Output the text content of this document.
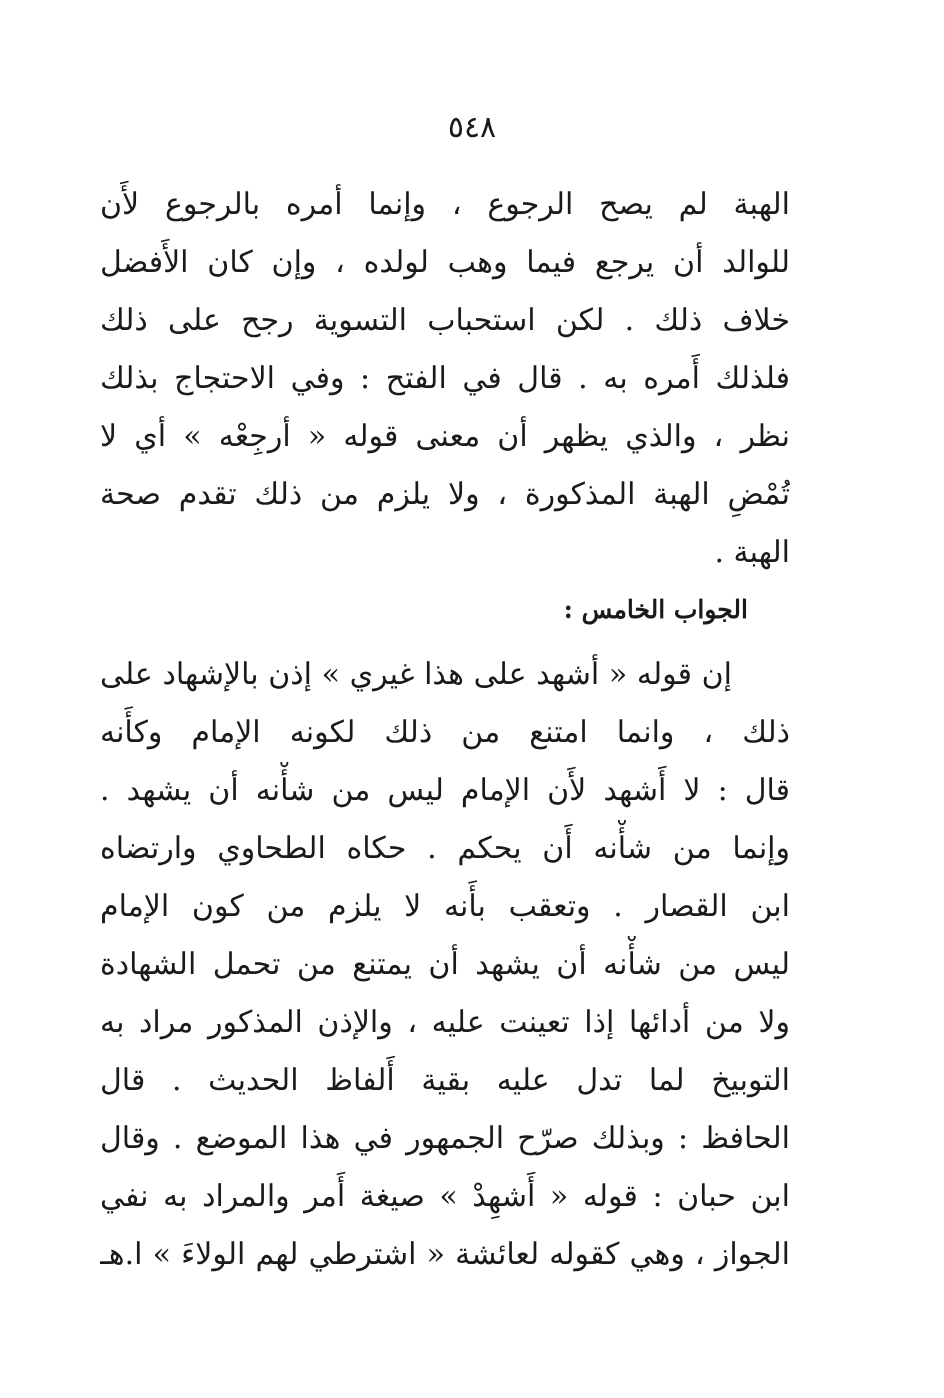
٥٤٨
الهبة لم يصح الرجوع ، وإنما أمره بالرجوع لأَن
للوالد أن يرجع فيما وهب لولده ، وإن كان الأَفضل
خلاف ذلك . لكن استحباب التسوية رجح على ذلك
فلذلك أَمره به . قال في الفتح : وفي الاحتجاج بذلك
نظر ، والذي يظهر أن معنى قوله « أرجِعْه » أي لا
تُمْضِ الهبة المذكورة ، ولا يلزم من ذلك تقدم صحة
الهبة .
الجواب الخامس :
إن قوله « أشهد على هذا غيري » إذن بالإشهاد على
ذلك ، وانما امتنع من ذلك لكونه الإمام وكأَنه
قال : لا أَشهد لأَن الإمام ليس من شأْنه أن يشهد .
وإنما من شأْنه أَن يحكم . حكاه الطحاوي وارتضاه
ابن القصار . وتعقب بأَنه لا يلزم من كون الإمام
ليس من شأْنه أن يشهد أن يمتنع من تحمل الشهادة
ولا من أدائها إذا تعينت عليه ، والإذن المذكور مراد به
التوبيخ لما تدل عليه بقية أَلفاظ الحديث . قال
الحافظ : وبذلك صرّح الجمهور في هذا الموضع . وقال
ابن حبان : قوله « أَشهِدْ » صيغة أَمر والمراد به نفي
الجواز ، وهي كقوله لعائشة « اشترطي لهم الولاءَ » ا.هـ
